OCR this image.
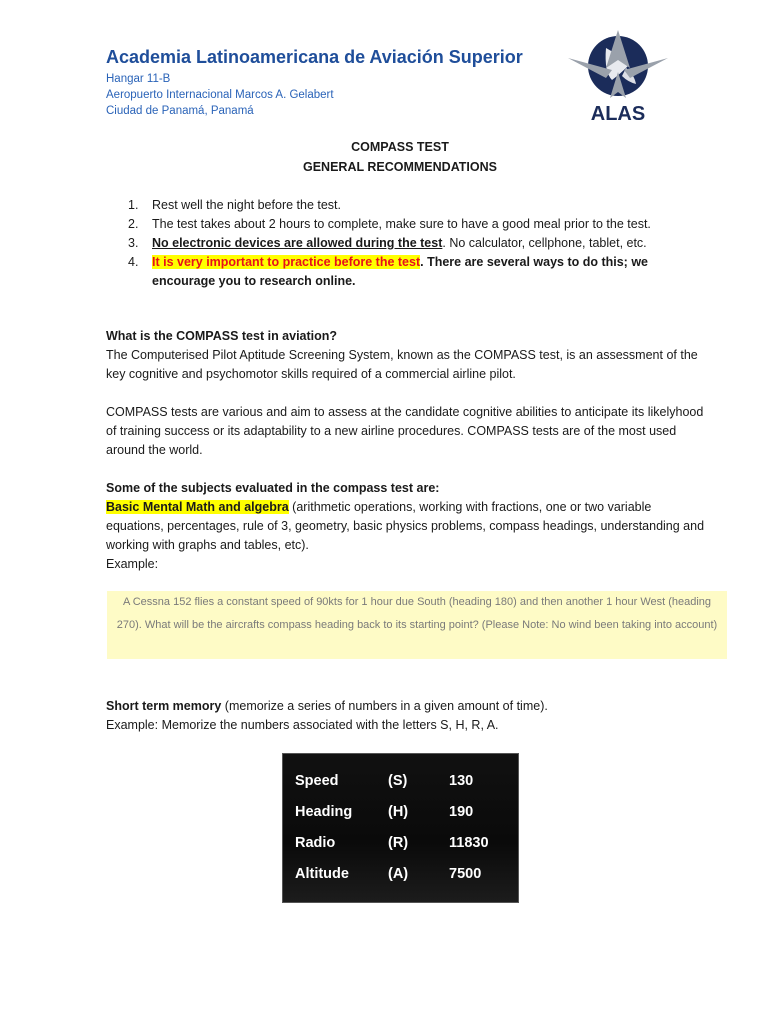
Academia Latinoamericana de Aviación Superior
Hangar 11-B
Aeropuerto Internacional Marcos A. Gelabert
Ciudad de Panamá, Panamá	ALAS
COMPASS TEST
GENERAL RECOMMENDATIONS
1. Rest well the night before the test.
2. The test takes about 2 hours to complete, make sure to have a good meal prior to the test.
3. No electronic devices are allowed during the test. No calculator, cellphone, tablet, etc.
4. It is very important to practice before the test. There are several ways to do this; we encourage you to research online.

What is the COMPASS test in aviation?

The Computerised Pilot Aptitude Screening System, known as the COMPASS test, is an assessment of the key cognitive and psychomotor skills required of a commercial airline pilot.

COMPASS tests are various and aim to assess at the candidate cognitive abilities to anticipate its likelyhood of training success or its adaptability to a new airline procedures. COMPASS tests are of the most used around the world.

Some of the subjects evaluated in the compass test are:

Basic Mental Math and algebra (arithmetic operations, working with fractions, one or two variable equations, percentages, rule of 3, geometry, basic physics problems, compass headings, understanding and working with graphs and tables, etc).

Example:

A Cessna 152 flies a constant speed of 90kts for 1 hour due South (heading 180) and then another 1 hour West (heading 270). What will be the aircrafts compass heading back to its starting point? (Please Note: No wind been taking into account)

Short term memory (memorize a series of numbers in a given amount of time).

Example: Memorize the numbers associated with the letters S, H, R, A.

Speed	(S)	130
Heading (H)	190
Radio	(R)	11830
Altitude	(A)	7500
